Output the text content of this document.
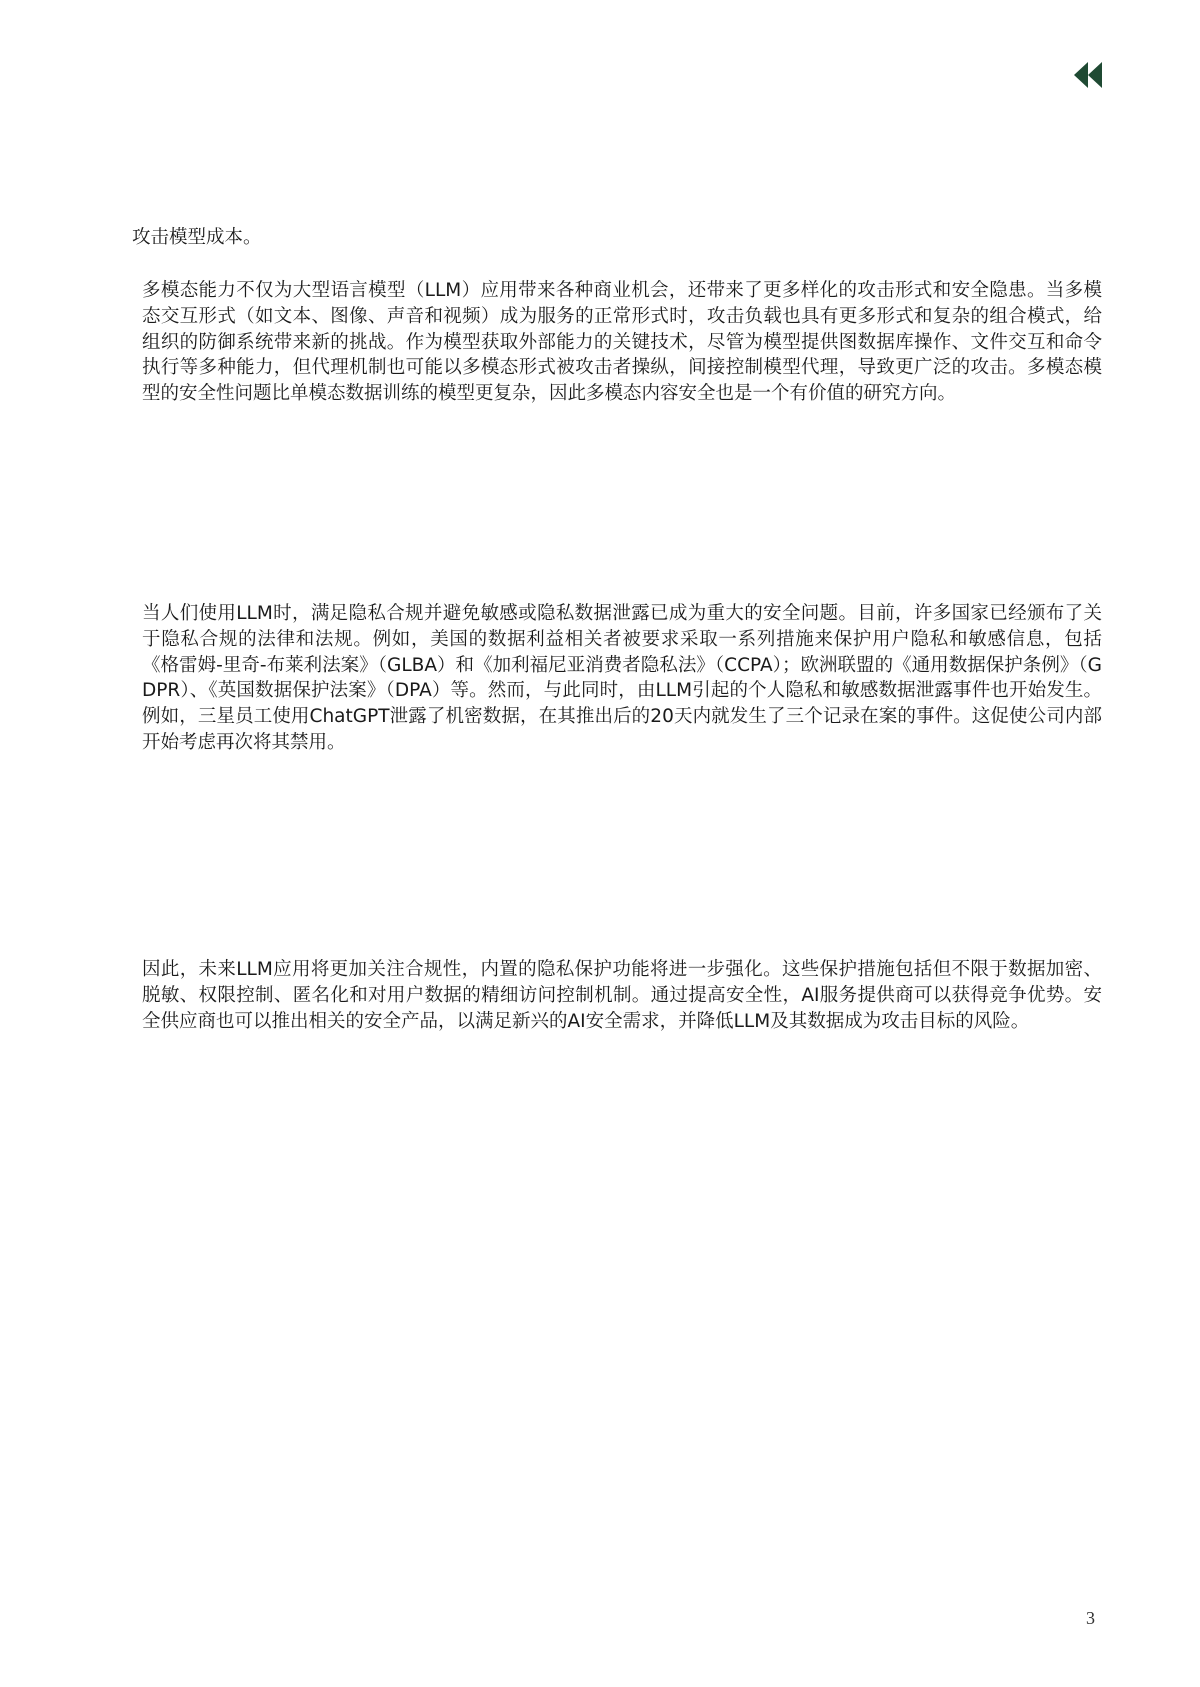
攻击模型成本。

多模态能力不仅为大型语言模型（LLM）应用带来各种商业机会，还带来了更多样化的攻击形式和安全隐患。当多模态交互形式（如文本、图像、声音和视频）成为服务的正常形式时，攻击负载也具有更多形式和复杂的组合模式，给组织的防御系统带来新的挑战。作为模型获取外部能力的关键技术，尽管为模型提供图数据库操作、文件交互和命令执行等多种能力，但代理机制也可能以多模态形式被攻击者操纵，间接控制模型代理，导致更广泛的攻击。多模态模型的安全性问题比单模态数据训练的模型更复杂，因此多模态内容安全也是一个有价值的研究方向。

当人们使用LLM时，满足隐私合规并避免敏感或隐私数据泄露已成为重大的安全问题。目前，许多国家已经颁布了关于隐私合规的法律和法规。例如，美国的数据利益相关者被要求采取一系列措施来保护用户隐私和敏感信息，包括《格雷姆-里奇-布莱利法案》（GLBA）和《加利福尼亚消费者隐私法》（CCPA）；欧洲联盟的《通用数据保护条例》（GDPR）、《英国数据保护法案》（DPA）等。然而，与此同时，由LLM引起的个人隐私和敏感数据泄露事件也开始发生。例如，三星员工使用ChatGPT泄露了机密数据，在其推出后的20天内就发生了三个记录在案的事件。这促使公司内部开始考虑再次将其禁用。

因此，未来LLM应用将更加关注合规性，内置的隐私保护功能将进一步强化。这些保护措施包括但不限于数据加密、脱敏、权限控制、匿名化和对用户数据的精细访问控制机制。通过提高安全性，AI服务提供商可以获得竞争优势。安全供应商也可以推出相关的安全产品，以满足新兴的AI安全需求，并降低LLM及其数据成为攻击目标的风险。

3
